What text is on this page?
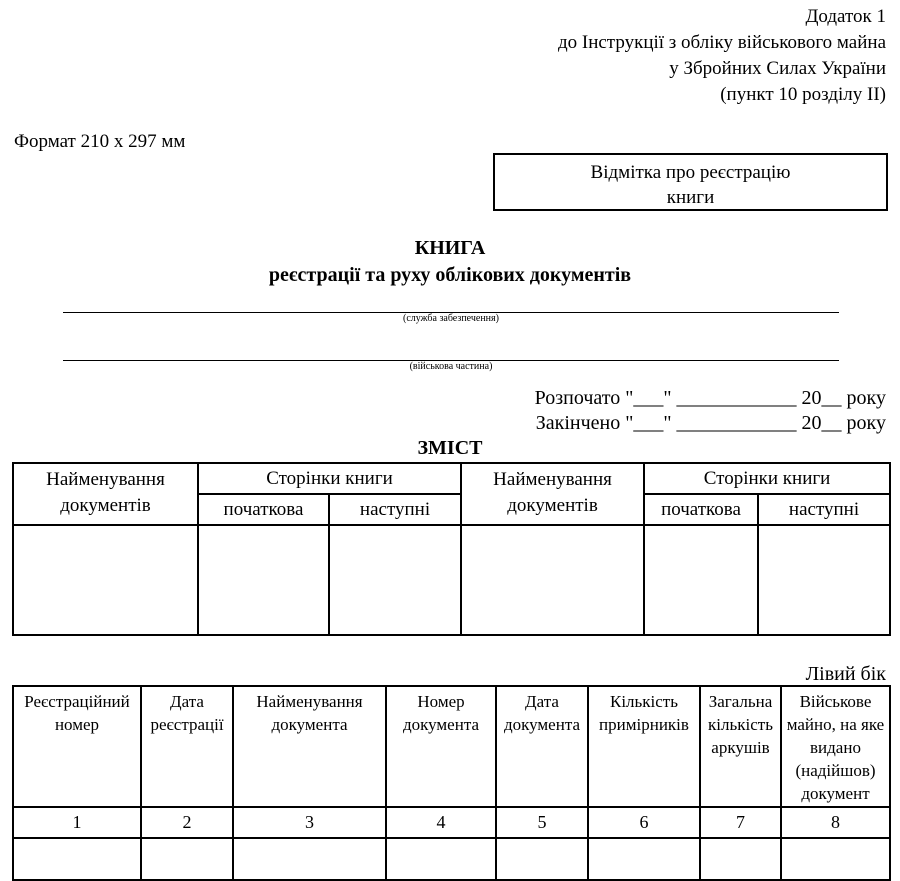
Додаток 1
до Інструкції з обліку військового майна
у Збройних Силах України
(пункт 10 розділу II)
Формат 210 х 297 мм
Відмітка про реєстрацію
книги
КНИГА
реєстрації та руху облікових документів
(служба забезпечення)
(військова частина)
Розпочато "___" ____________ 20__ року
Закінчено "___" ____________ 20__ року
ЗМІСТ
Найменування документів	Сторінки книги		Найменування документів	Сторінки книги	
	початкова	наступні		початкова	наступні

Лівий бік
Реєстраційний номер	Дата реєстрації	Найменування документа	Номер документа	Дата документа	Кількість примірників	Загальна кількість аркушів	Військове майно, на яке видано (надійшов) документ
1	2	3	4	5	6	7	8
